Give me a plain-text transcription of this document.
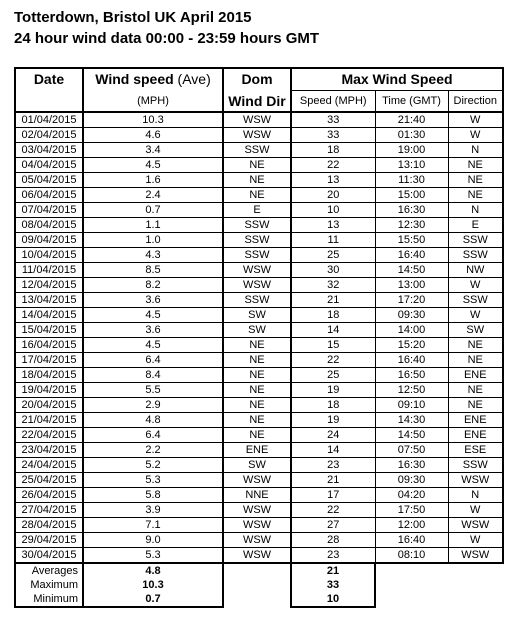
Totterdown, Bristol UK April 2015
24 hour wind data 00:00 - 23:59 hours GMT
Date	Wind speed (Ave)	Dom	Max Wind Speed		
	(MPH)	Wind Dir	Speed (MPH)	Time (GMT)	Direction
01/04/2015	10.3	WSW	33	21:40	W
02/04/2015	4.6	WSW	33	01:30	W
03/04/2015	3.4	SSW	18	19:00	N
04/04/2015	4.5	NE	22	13:10	NE
05/04/2015	1.6	NE	13	11:30	NE
06/04/2015	2.4	NE	20	15:00	NE
07/04/2015	0.7	E	10	16:30	N
08/04/2015	1.1	SSW	13	12:30	E
09/04/2015	1.0	SSW	11	15:50	SSW
10/04/2015	4.3	SSW	25	16:40	SSW
11/04/2015	8.5	WSW	30	14:50	NW
12/04/2015	8.2	WSW	32	13:00	W
13/04/2015	3.6	SSW	21	17:20	SSW
14/04/2015	4.5	SW	18	09:30	W
15/04/2015	3.6	SW	14	14:00	SW
16/04/2015	4.5	NE	15	15:20	NE
17/04/2015	6.4	NE	22	16:40	NE
18/04/2015	8.4	NE	25	16:50	ENE
19/04/2015	5.5	NE	19	12:50	NE
20/04/2015	2.9	NE	18	09:10	NE
21/04/2015	4.8	NE	19	14:30	ENE
22/04/2015	6.4	NE	24	14:50	ENE
23/04/2015	2.2	ENE	14	07:50	ESE
24/04/2015	5.2	SW	23	16:30	SSW
25/04/2015	5.3	WSW	21	09:30	WSW
26/04/2015	5.8	NNE	17	04:20	N
27/04/2015	3.9	WSW	22	17:50	W
28/04/2015	7.1	WSW	27	12:00	WSW
29/04/2015	9.0	WSW	28	16:40	W
30/04/2015	5.3	WSW	23	08:10	WSW
Averages	4.8		21		
Maximum	10.3		33		
Minimum	0.7		10		
